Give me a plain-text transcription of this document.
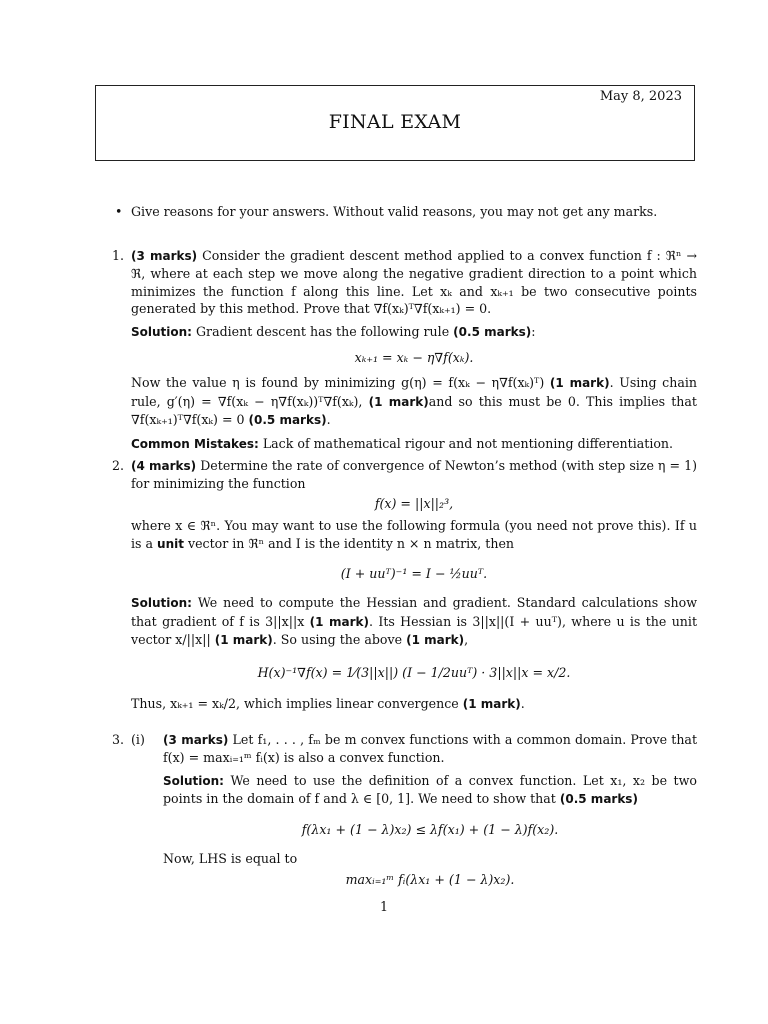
May 8, 2023
FINAL EXAM
• Give reasons for your answers. Without valid reasons, you may not get any marks.
1. (3 marks) Consider the gradient descent method applied to a convex function f : ℜⁿ → ℜ, where at each step we move along the negative gradient direction to a point which minimizes the function f along this line. Let xₖ and xₖ₊₁ be two consecutive points generated by this method. Prove that ∇f(xₖ)ᵀ∇f(xₖ₊₁) = 0.

Solution: Gradient descent has the following rule (0.5 marks):

xₖ₊₁ = xₖ − η∇f(xₖ).

Now the value η is found by minimizing g(η) = f(xₖ − η∇f(xₖ)ᵀ) (1 mark). Using chain rule, g′(η) = ∇f(xₖ − η∇f(xₖ))ᵀ∇f(xₖ), (1 mark)and so this must be 0. This implies that ∇f(xₖ₊₁)ᵀ∇f(xₖ) = 0 (0.5 marks).

Common Mistakes: Lack of mathematical rigour and not mentioning differentiation.

2. (4 marks) Determine the rate of convergence of Newton’s method (with step size η = 1) for minimizing the function

f(x) = ||x||₂³,

where x ∈ ℜⁿ. You may want to use the following formula (you need not prove this). If u is a unit vector in ℜⁿ and I is the identity n × n matrix, then

(I + uuᵀ)⁻¹ = I − ½uuᵀ.

Solution: We need to compute the Hessian and gradient. Standard calculations show that gradient of f is 3||x||x (1 mark). Its Hessian is 3||x||(I + uuᵀ), where u is the unit vector x/||x|| (1 mark). So using the above (1 mark),

H(x)⁻¹∇f(x) = 1⁄(3||x||) (I − 1/2uuᵀ) · 3||x||x = x/2.

Thus, xₖ₊₁ = xₖ/2, which implies linear convergence (1 mark).

3. (i) (3 marks) Let f₁, . . . , fₘ be m convex functions with a common domain. Prove that f(x) = maxᵢ₌₁ᵐ fᵢ(x) is also a convex function.

Solution: We need to use the definition of a convex function. Let x₁, x₂ be two points in the domain of f and λ ∈ [0, 1]. We need to show that (0.5 marks)

f(λx₁ + (1 − λ)x₂) ≤ λf(x₁) + (1 − λ)f(x₂).

Now, LHS is equal to

maxᵢ₌₁ᵐ fᵢ(λx₁ + (1 − λ)x₂).
1
